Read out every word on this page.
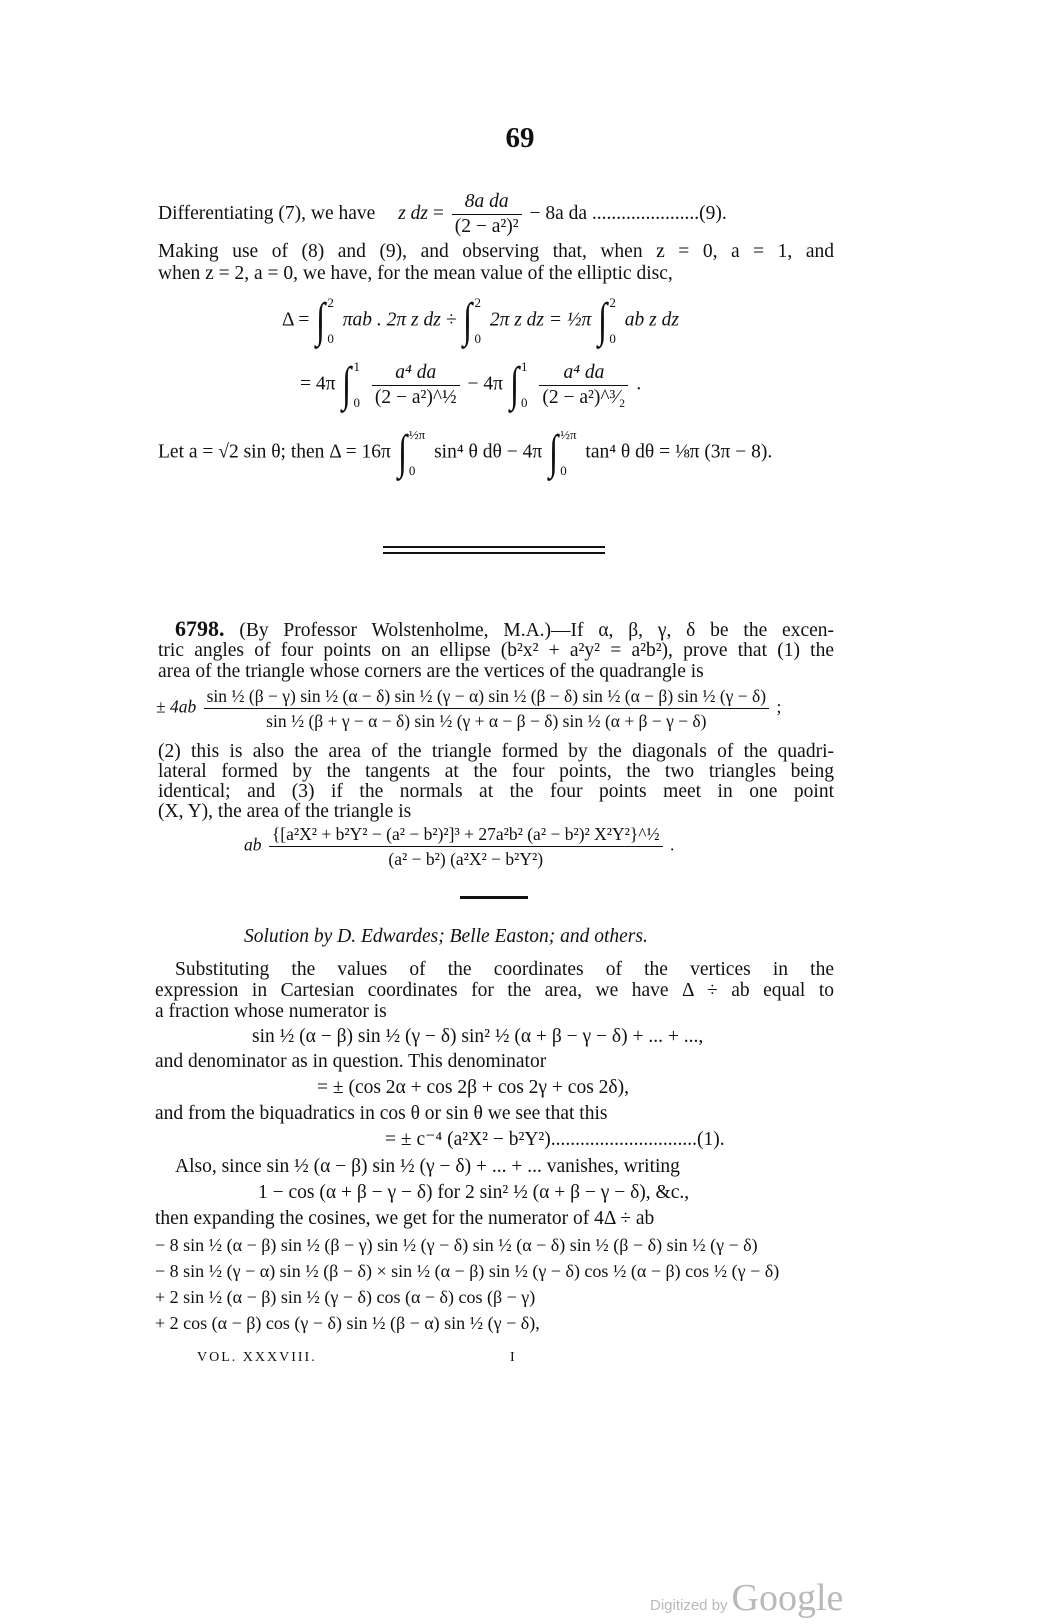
69
Differentiating (7), we have z dz = $\frac{\text{8a da}}{\text{(2 − a²)²}} - 8a$ da ......................(9).
Making use of (8) and (9), and observing that, when z = 0, a = 1, and
when z = 2, a = 0, we have, for the mean value of the elliptic disc,
Δ = ∫ 2
0
πab . 2π z dz ÷ ∫ 2
0
2π z dz = ½π ∫ 2
0
ab z dz
= 4π ∫ 1
0
$\frac{\text{a⁴ da}}{\text{(2 − a²)\textasciicircum{}½}} - 4\pi$ ∫ 1
0
$\frac{\text{a⁴ da}}{\text{(2 − a²)\textasciicircum{}³⁄₂}}$ .
Let a = √2 sin θ; then Δ = 16π ∫ ½π
0
sin⁴ θ dθ − 4π ∫ ½π
0
tan⁴ θ dθ = ⅛π (3π − 8).
6798. (By Professor Wolstenholme, M.A.)—If α, β, γ, δ be the excen-
tric angles of four points on an ellipse (b²x² + a²y² = a²b²), prove that (1) the
area of the triangle whose corners are the vertices of the quadrangle is
± 4ab
sin ½ (β − γ) sin ½ (α − δ) sin ½ (γ − α) sin ½ (β − δ) sin ½ (α − β) sin ½ (γ − δ)
sin ½ (β + γ − α − δ) sin ½ (γ + α − β − δ) sin ½ (α + β − γ − δ)
;
(2) this is also the area of the triangle formed by the diagonals of the quadri-
lateral formed by the tangents at the four points, the two triangles being
identical; and (3) if the normals at the four points meet in one point
(X, Y), the area of the triangle is
ab $\frac{\text{\{[a²X² + b²Y² − (a² − b²)²]³ + 27a²b² (a² − b²)² X²Y²\}\textasciicircum{}½}}{\text{(a² − b²) (a²X² − b²Y²)}}$ .
Solution by D. Edwardes; Belle Easton; and others.
Substituting the values of the coordinates of the vertices in the
expression in Cartesian coordinates for the area, we have Δ ÷ ab equal to
a fraction whose numerator is
sin ½ (α − β) sin ½ (γ − δ) sin² ½ (α + β − γ − δ) + ... + ...,
and denominator as in question. This denominator
= ± (cos 2α + cos 2β + cos 2γ + cos 2δ),
and from the biquadratics in cos θ or sin θ we see that this
= ± c⁻⁴ (a²X² − b²Y²)..............................(1).
Also, since sin ½ (α − β) sin ½ (γ − δ) + ... + ... vanishes, writing
1 − cos (α + β − γ − δ) for 2 sin² ½ (α + β − γ − δ), &c.,
then expanding the cosines, we get for the numerator of 4Δ ÷ ab
− 8 sin ½ (α − β) sin ½ (β − γ) sin ½ (γ − δ) sin ½ (α − δ) sin ½ (β − δ) sin ½ (γ − δ)
− 8 sin ½ (γ − α) sin ½ (β − δ) × sin ½ (α − β) sin ½ (γ − δ) cos ½ (α − β) cos ½ (γ − δ)
+ 2 sin ½ (α − β) sin ½ (γ − δ) cos (α − δ) cos (β − γ)
+ 2 cos (α − β) cos (γ − δ) sin ½ (β − α) sin ½ (γ − δ),
VOL. XXXVIII.	I
Digitized by Google
